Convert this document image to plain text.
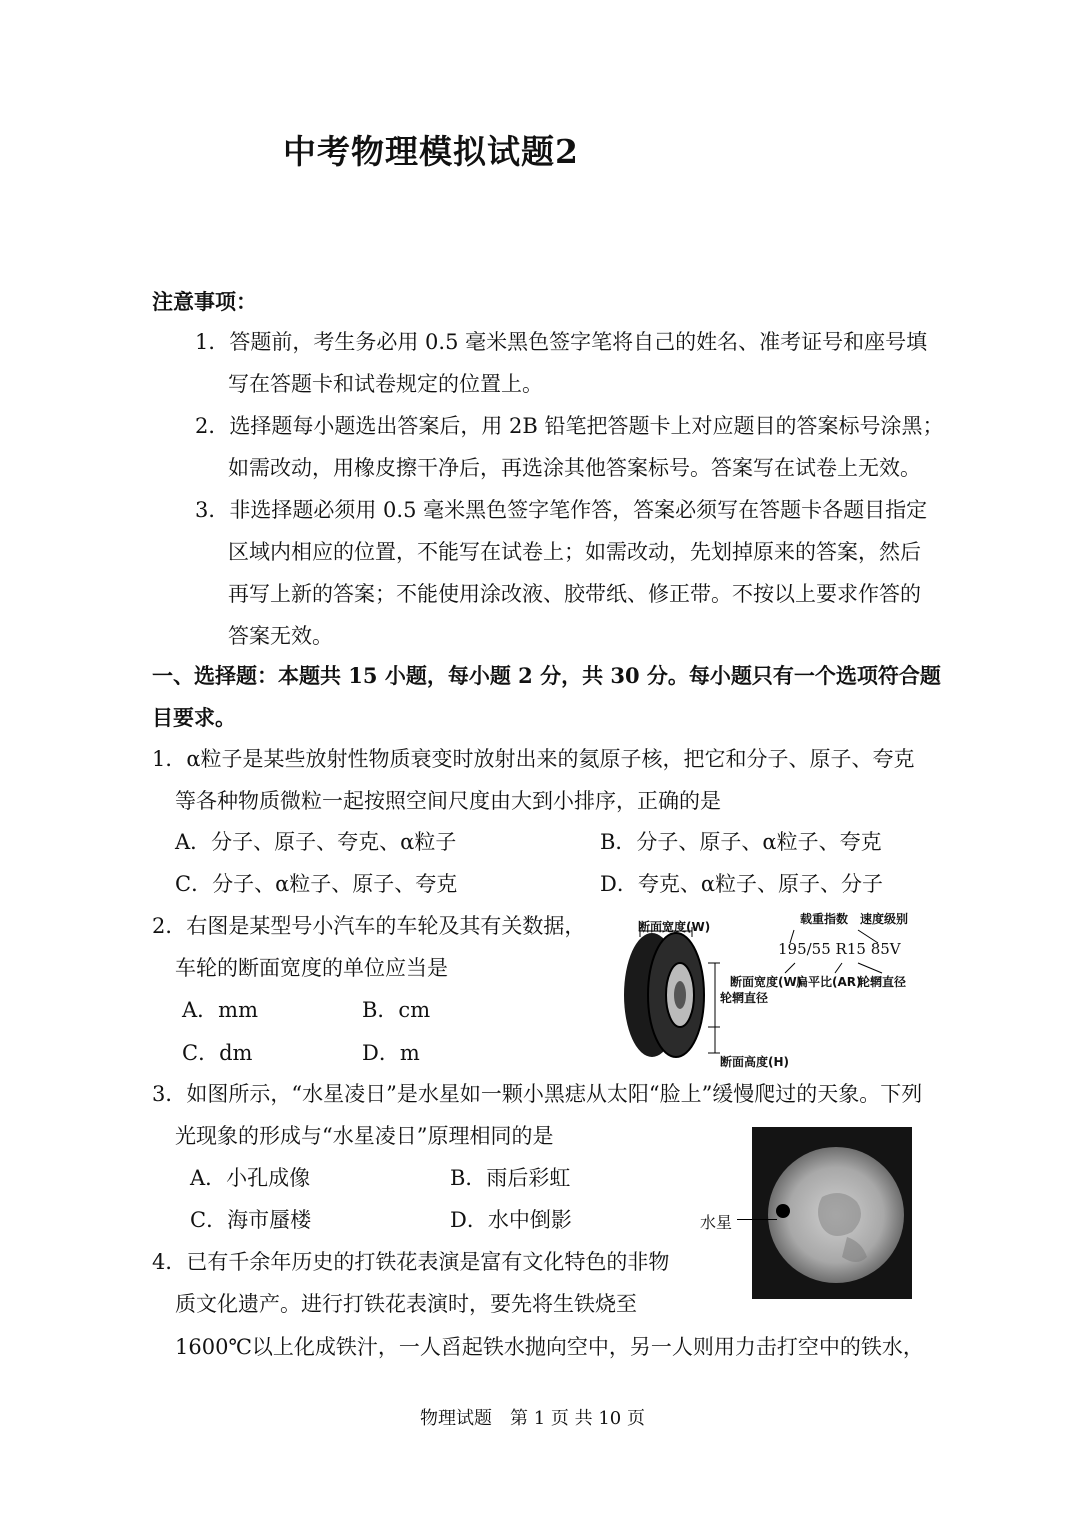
中考物理模拟试题2
注意事项：
1．答题前，考生务必用 0.5 毫米黑色签字笔将自己的姓名、准考证号和座号填
写在答题卡和试卷规定的位置上。
2．选择题每小题选出答案后，用 2B 铅笔把答题卡上对应题目的答案标号涂黑；
如需改动，用橡皮擦干净后，再选涂其他答案标号。答案写在试卷上无效。
3．非选择题必须用 0.5 毫米黑色签字笔作答，答案必须写在答题卡各题目指定
区域内相应的位置，不能写在试卷上；如需改动，先划掉原来的答案，然后
再写上新的答案；不能使用涂改液、胶带纸、修正带。不按以上要求作答的
答案无效。
一、选择题：本题共 15 小题，每小题 2 分，共 30 分。每小题只有一个选项符合题
目要求。
1．α粒子是某些放射性物质衰变时放射出来的氦原子核，把它和分子、原子、夸克
等各种物质微粒一起按照空间尺度由大到小排序，正确的是
A．分子、原子、夸克、α粒子	B．分子、原子、α粒子、夸克
C．分子、α粒子、原子、夸克	D．夸克、α粒子、原子、分子
2．右图是某型号小汽车的车轮及其有关数据，
车轮的断面宽度的单位应当是
A．mm	B．cm
C．dm	D．m
断面宽度(W)
载重指数 速度级别
195/55 R15 85V
断面宽度(W)
扁平比(AR)
轮辋直径
轮辋直径
断面高度(H)
3．如图所示，“水星凌日”是水星如一颗小黑痣从太阳“脸上”缓慢爬过的天象。下列
光现象的形成与“水星凌日”原理相同的是
A．小孔成像	B．雨后彩虹
C．海市蜃楼	D．水中倒影	水星
4．已有千余年历史的打铁花表演是富有文化特色的非物
质文化遗产。进行打铁花表演时，要先将生铁烧至
1600℃以上化成铁汁，一人舀起铁水抛向空中，另一人则用力击打空中的铁水，
物理试题　第 1 页 共 10 页
